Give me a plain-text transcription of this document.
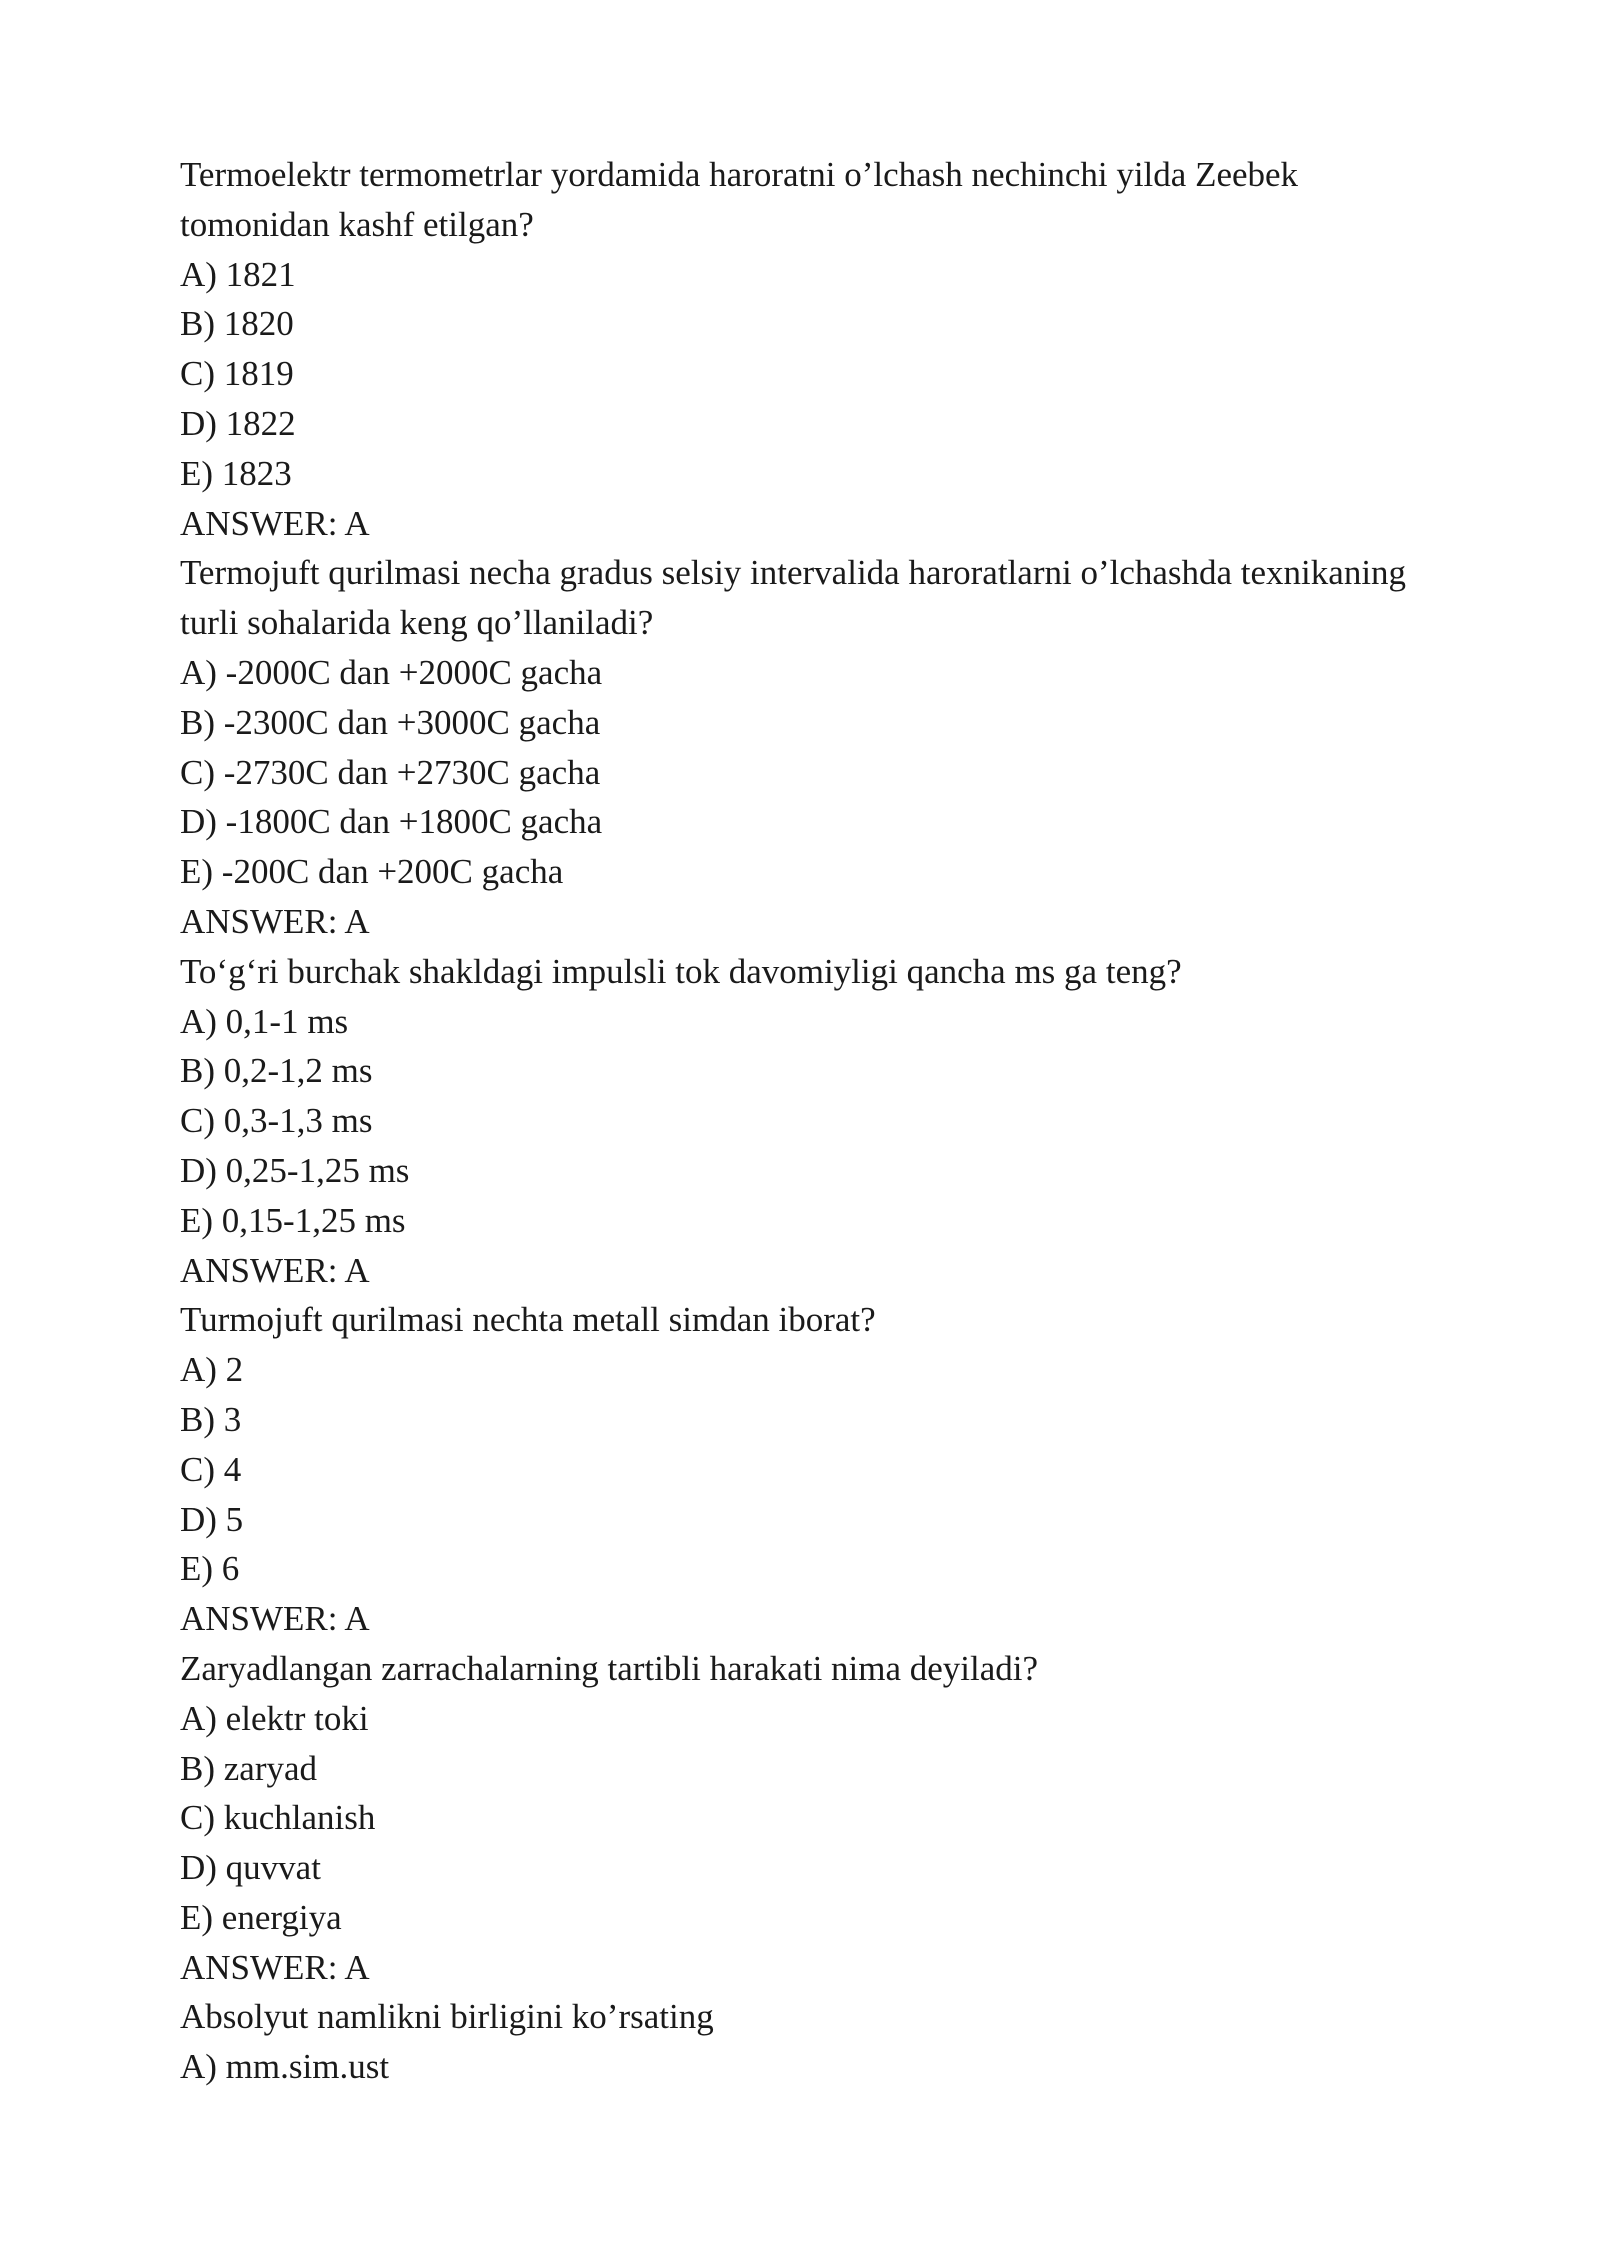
Termoelektr termometrlar yordamida haroratni o’lchash nechinchi yilda Zeebek tomonidan kashf etilgan?

A) 1821

B) 1820

C) 1819

D) 1822

E) 1823

ANSWER: A

Termojuft qurilmasi necha gradus selsiy intervalida haroratlarni o’lchashda texnikaning turli sohalarida keng qo’llaniladi?

A) -2000C dan +2000C gacha

B) -2300C dan +3000C gacha

C) -2730C dan +2730C gacha

D) -1800C dan +1800C gacha

E) -200C dan +200C gacha

ANSWER: A

To‘g‘ri burchak shakldagi impulsli tok davomiyligi qancha ms ga teng?

A) 0,1-1 ms

B) 0,2-1,2 ms

C) 0,3-1,3 ms

D) 0,25-1,25 ms

E) 0,15-1,25 ms

ANSWER: A

Turmojuft qurilmasi nechta metall simdan iborat?

A) 2

B) 3

C) 4

D) 5

E) 6

ANSWER: A

Zaryadlangan zarrachalarning tartibli harakati nima deyiladi?

A) elektr toki

B) zaryad

C) kuchlanish

D) quvvat

E) energiya

ANSWER: A

Absolyut namlikni birligini ko’rsating

A) mm.sim.ust
